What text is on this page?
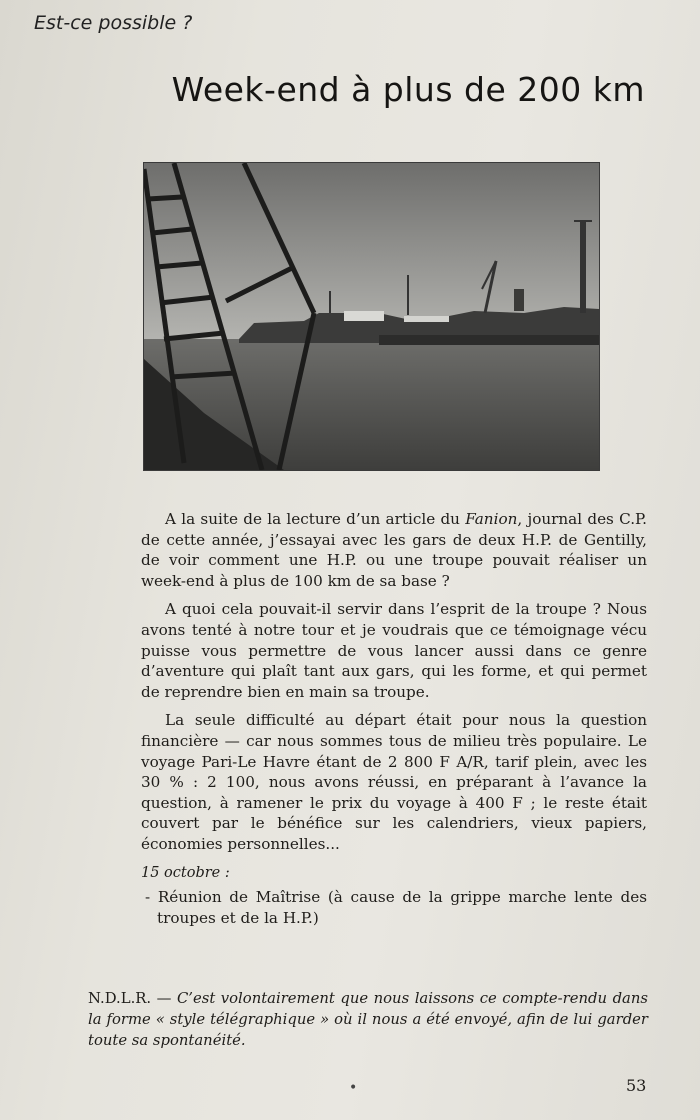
Est-ce possible ?
Week-end à plus de 200 km

A la suite de la lecture d’un article du Fanion, journal des C.P. de cette année, j’essayai avec les gars de deux H.P. de Gentilly, de voir comment une H.P. ou une troupe pouvait réaliser un week-end à plus de 100 km de sa base ?

A quoi cela pouvait-il servir dans l’esprit de la troupe ? Nous avons tenté à notre tour et je voudrais que ce témoignage vécu puisse vous permettre de vous lancer aussi dans ce genre d’aventure qui plaît tant aux gars, qui les forme, et qui permet de reprendre bien en main sa troupe.

La seule difficulté au départ était pour nous la question financière — car nous sommes tous de milieu très populaire. Le voyage Pari-Le Havre étant de 2 800 F A/R, tarif plein, avec les 30 % : 2 100, nous avons réussi, en préparant à l’avance la question, à ramener le prix du voyage à 400 F ; le reste était couvert par le bénéfice sur les calendriers, vieux papiers, économies personnelles...

15 octobre :
- Réunion de Maîtrise (à cause de la grippe marche lente des troupes et de la H.P.)
N.D.L.R. — C’est volontairement que nous laissons ce compte-rendu dans la forme « style télégraphique » où il nous a été envoyé, afin de lui garder toute sa spontanéité.
•	53
